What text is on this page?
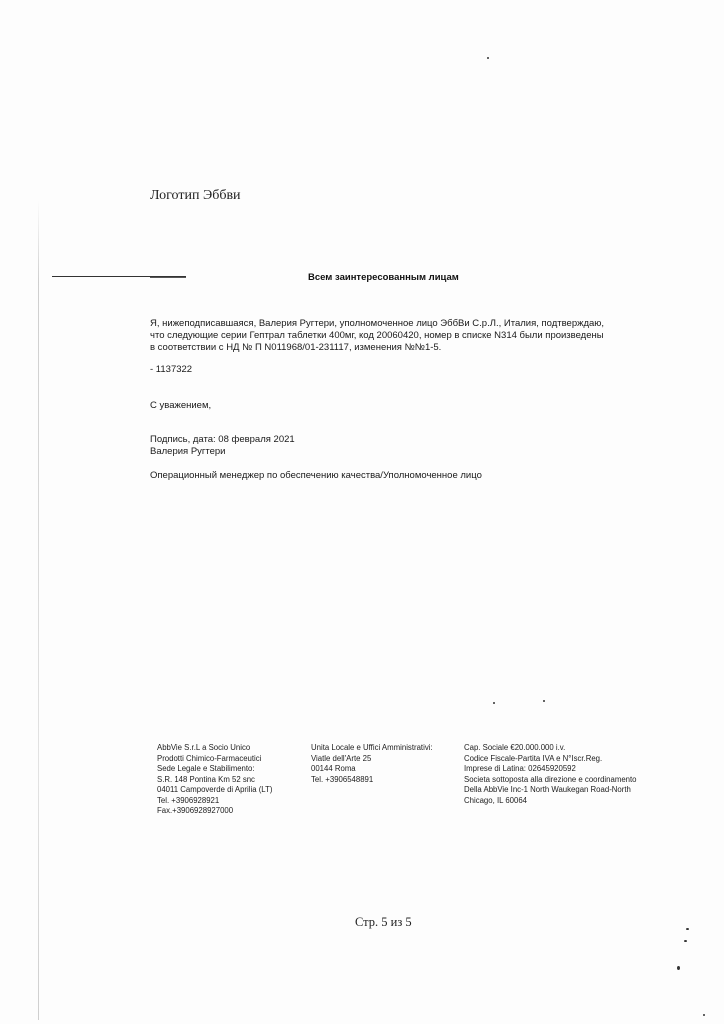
Логотип Эббви
Всем заинтересованным лицам

Я, нижеподписавшаяся, Валерия Ругтери, уполномоченное лицо ЭббВи С.р.Л., Италия, подтверждаю,

что следующие серии Гептрал таблетки 400мг, код 20060420, номер в списке N314 были произведены

в соответствии с НД № П N011968/01-231117, изменения №№1-5.

- 1137322
С уважением,
Подпись, дата: 08 февраля 2021
Валерия Ругтери
Операционный менеджер по обеспечению качества/Уполномоченное лицо
AbbVie S.r.L a Socio Unico
Prodotti Chimico-Farmaceutici
Sede Legale e Stabilimento:
S.R. 148 Pontina Km 52 snc
04011 Campoverde di Aprilia (LT)
Tel. +3906928921
Fax.+3906928927000
Unita Locale e Uffici Amministrativi:
Viatle dell'Arte 25
00144 Roma
Tel. +3906548891
Cap. Sociale €20.000.000 i.v.
Codice Fiscale-Partita IVA e N°Iscr.Reg.
Imprese di Latina: 02645920592
Societa sottoposta alla direzione e coordinamento
Della AbbVie Inc-1 North Waukegan Road-North
Chicago, IL 60064
Стр. 5 из 5
